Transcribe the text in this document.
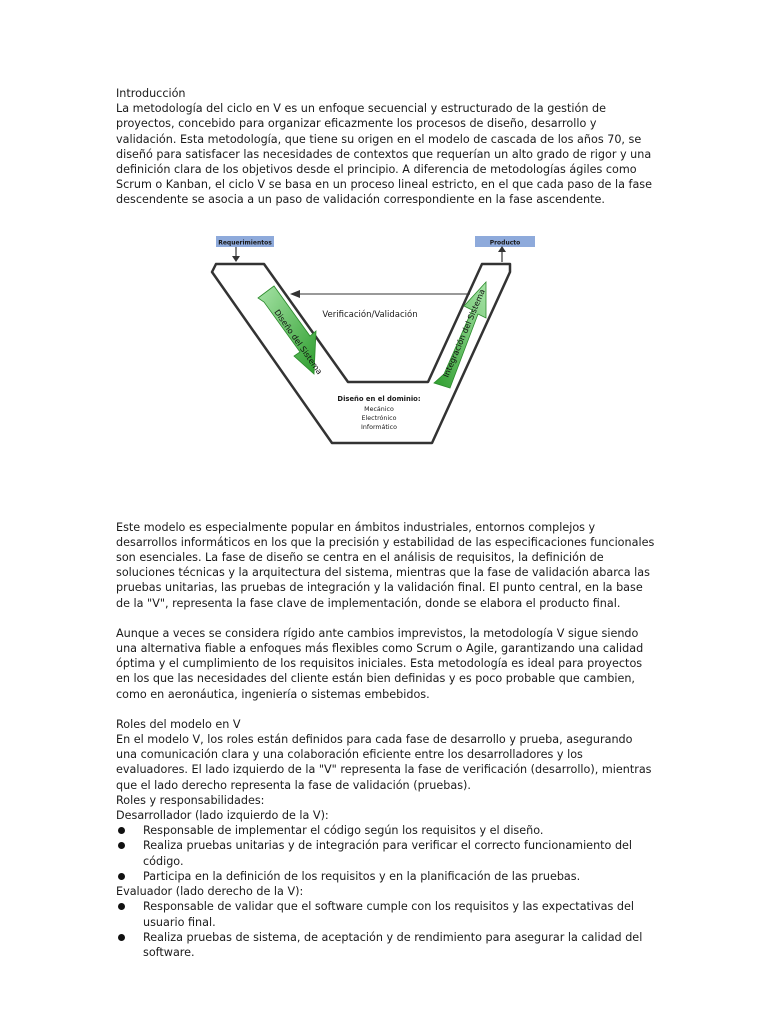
Introducción

La metodología del ciclo en V es un enfoque secuencial y estructurado de la gestión de proyectos, concebido para organizar eficazmente los procesos de diseño, desarrollo y validación. Esta metodología, que tiene su origen en el modelo de cascada de los años 70, se diseñó para satisfacer las necesidades de contextos que requerían un alto grado de rigor y una definición clara de los objetivos desde el principio. A diferencia de metodologías ágiles como Scrum o Kanban, el ciclo V se basa en un proceso lineal estricto, en el que cada paso de la fase descendente se asocia a un paso de validación correspondiente en la fase ascendente.

Requerimientos	Producto
Verificación/Validación
Diseño del Sistema	Integración del Sistema
Diseño en el dominio:
Mecánico
Electrónico
Informático

Este modelo es especialmente popular en ámbitos industriales, entornos complejos y desarrollos informáticos en los que la precisión y estabilidad de las especificaciones funcionales son esenciales. La fase de diseño se centra en el análisis de requisitos, la definición de soluciones técnicas y la arquitectura del sistema, mientras que la fase de validación abarca las pruebas unitarias, las pruebas de integración y la validación final. El punto central, en la base de la "V", representa la fase clave de implementación, donde se elabora el producto final.

Aunque a veces se considera rígido ante cambios imprevistos, la metodología V sigue siendo una alternativa fiable a enfoques más flexibles como Scrum o Agile, garantizando una calidad óptima y el cumplimiento de los requisitos iniciales. Esta metodología es ideal para proyectos en los que las necesidades del cliente están bien definidas y es poco probable que cambien, como en aeronáutica, ingeniería o sistemas embebidos.

Roles del modelo en V

En el modelo V, los roles están definidos para cada fase de desarrollo y prueba, asegurando una comunicación clara y una colaboración eficiente entre los desarrolladores y los evaluadores. El lado izquierdo de la "V" representa la fase de verificación (desarrollo), mientras que el lado derecho representa la fase de validación (pruebas).

Roles y responsabilidades:

Desarrollador (lado izquierdo de la V):

Responsable de implementar el código según los requisitos y el diseño.
Realiza pruebas unitarias y de integración para verificar el correcto funcionamiento del código.
Participa en la definición de los requisitos y en la planificación de las pruebas.

Evaluador (lado derecho de la V):

Responsable de validar que el software cumple con los requisitos y las expectativas del usuario final.
Realiza pruebas de sistema, de aceptación y de rendimiento para asegurar la calidad del software.
